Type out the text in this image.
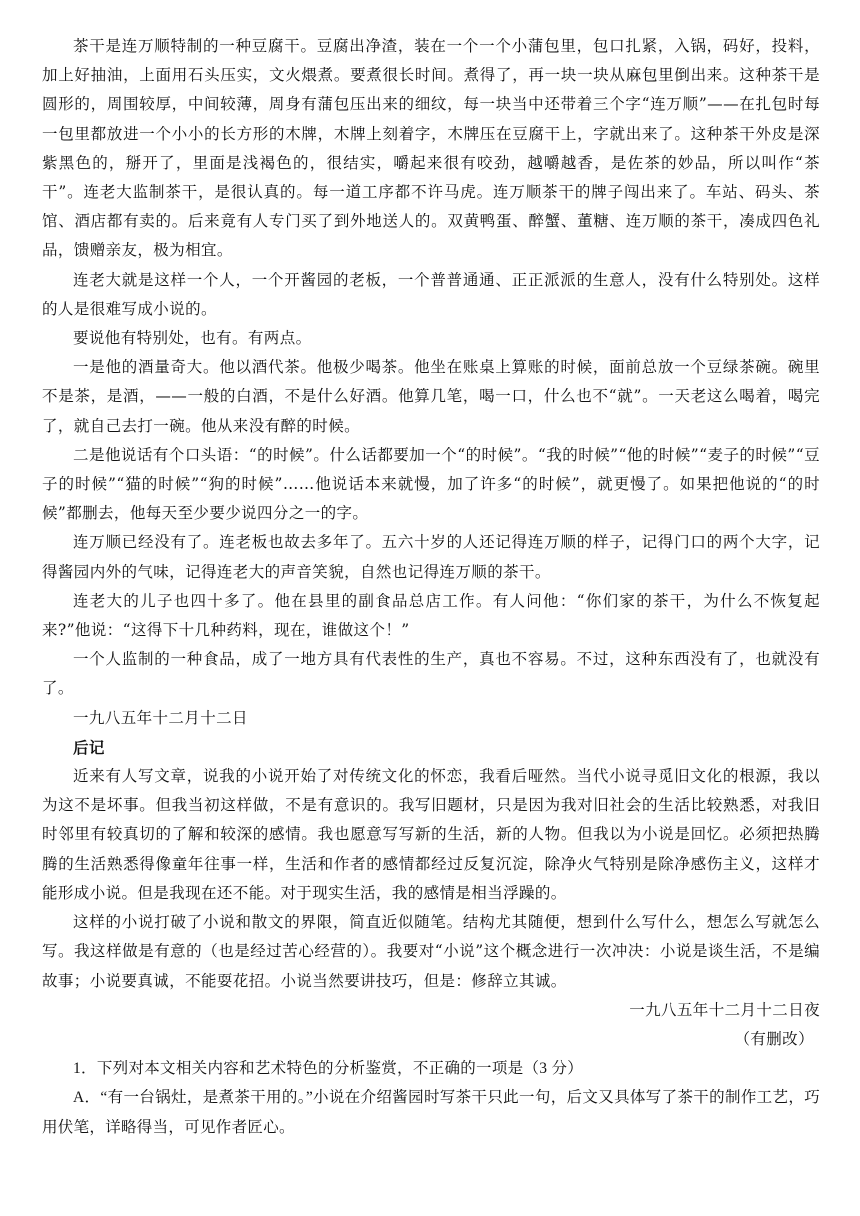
茶干是连万顺特制的一种豆腐干。豆腐出净渣，装在一个一个小蒲包里，包口扎紧，入锅，码好，投料，加上好抽油，上面用石头压实，文火煨煮。要煮很长时间。煮得了，再一块一块从麻包里倒出来。这种茶干是圆形的，周围较厚，中间较薄，周身有蒲包压出来的细纹，每一块当中还带着三个字“连万顺”——在扎包时每一包里都放进一个小小的长方形的木牌，木牌上刻着字，木牌压在豆腐干上，字就出来了。这种茶干外皮是深紫黑色的，掰开了，里面是浅褐色的，很结实，嚼起来很有咬劲，越嚼越香，是佐茶的妙品，所以叫作“茶干”。连老大监制茶干，是很认真的。每一道工序都不许马虎。连万顺茶干的牌子闯出来了。车站、码头、茶馆、酒店都有卖的。后来竟有人专门买了到外地送人的。双黄鸭蛋、醉蟹、董糖、连万顺的茶干，凑成四色礼品，馈赠亲友，极为相宜。

连老大就是这样一个人，一个开酱园的老板，一个普普通通、正正派派的生意人，没有什么特别处。这样的人是很难写成小说的。

要说他有特别处，也有。有两点。

一是他的酒量奇大。他以酒代茶。他极少喝茶。他坐在账桌上算账的时候，面前总放一个豆绿茶碗。碗里不是茶，是酒，——一般的白酒，不是什么好酒。他算几笔，喝一口，什么也不“就”。一天老这么喝着，喝完了，就自己去打一碗。他从来没有醉的时候。

二是他说话有个口头语：“的时候”。什么话都要加一个“的时候”。“我的时候”“他的时候”“麦子的时候”“豆子的时候”“猫的时候”“狗的时候”……他说话本来就慢，加了许多“的时候”，就更慢了。如果把他说的“的时候”都删去，他每天至少要少说四分之一的字。

连万顺已经没有了。连老板也故去多年了。五六十岁的人还记得连万顺的样子，记得门口的两个大字，记得酱园内外的气味，记得连老大的声音笑貌，自然也记得连万顺的茶干。

连老大的儿子也四十多了。他在县里的副食品总店工作。有人问他：“你们家的茶干，为什么不恢复起来?”他说：“这得下十几种药料，现在，谁做这个！”

一个人监制的一种食品，成了一地方具有代表性的生产，真也不容易。不过，这种东西没有了，也就没有了。

一九八五年十二月十二日

后记

近来有人写文章，说我的小说开始了对传统文化的怀恋，我看后哑然。当代小说寻觅旧文化的根源，我以为这不是坏事。但我当初这样做，不是有意识的。我写旧题材，只是因为我对旧社会的生活比较熟悉，对我旧时邻里有较真切的了解和较深的感情。我也愿意写写新的生活，新的人物。但我以为小说是回忆。必须把热腾腾的生活熟悉得像童年往事一样，生活和作者的感情都经过反复沉淀，除净火气特别是除净感伤主义，这样才能形成小说。但是我现在还不能。对于现实生活，我的感情是相当浮躁的。

这样的小说打破了小说和散文的界限，简直近似随笔。结构尤其随便，想到什么写什么，想怎么写就怎么写。我这样做是有意的（也是经过苦心经营的）。我要对“小说”这个概念进行一次冲决：小说是谈生活，不是编故事；小说要真诚，不能耍花招。小说当然要讲技巧，但是：修辞立其诚。

一九八五年十二月十二日夜

（有删改）

1．下列对本文相关内容和艺术特色的分析鉴赏，不正确的一项是（3 分）

A．“有一台锅灶，是煮茶干用的。”小说在介绍酱园时写茶干只此一句，后文又具体写了茶干的制作工艺，巧用伏笔，详略得当，可见作者匠心。
